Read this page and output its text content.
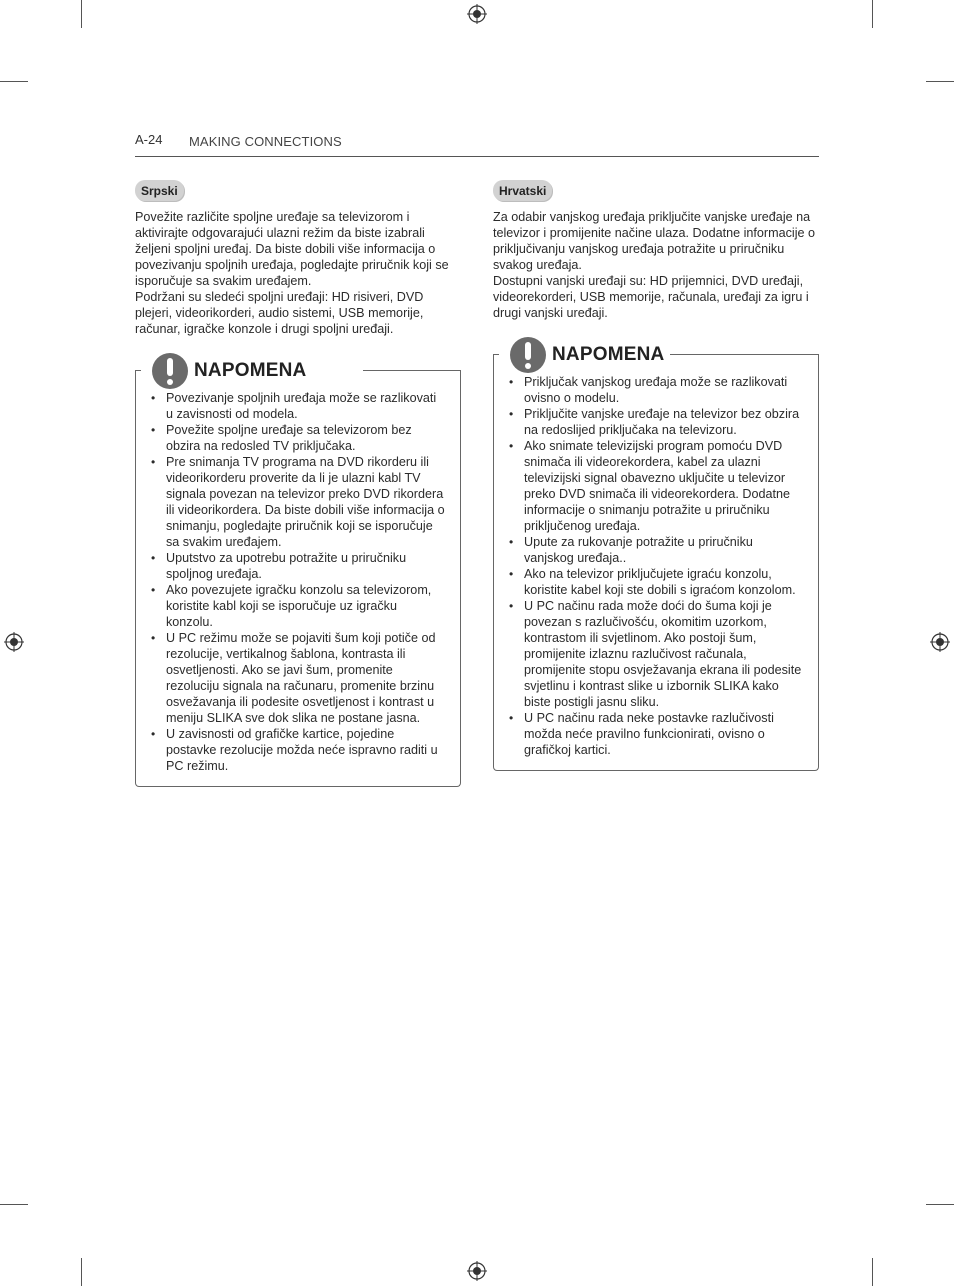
A-24 MAKING CONNECTIONS
Srpski

Povežite različite spoljne uređaje sa televizorom i aktivirajte odgovarajući ulazni režim da biste izabrali željeni spoljni uređaj. Da biste dobili više informacija o povezivanju spoljnih uređaja, pogledajte priručnik koji se isporučuje sa svakim uređajem.

Podržani su sledeći spoljni uređaji: HD risiveri, DVD plejeri, videorikorderi, audio sistemi, USB memorije, računar, igračke konzole i drugi spoljni uređaji.

NAPOMENA
• Povezivanje spoljnih uređaja može se razlikovati u zavisnosti od modela.
• Povežite spoljne uređaje sa televizorom bez obzira na redosled TV priključaka.
• Pre snimanja TV programa na DVD rikorderu ili videorikorderu proverite da li je ulazni kabl TV signala povezan na televizor preko DVD rikordera ili videorikordera. Da biste dobili više informacija o snimanju, pogledajte priručnik koji se isporučuje sa svakim uređajem.
• Uputstvo za upotrebu potražite u priručniku spoljnog uređaja.
• Ako povezujete igračku konzolu sa televizorom, koristite kabl koji se isporučuje uz igračku konzolu.
• U PC režimu može se pojaviti šum koji potiče od rezolucije, vertikalnog šablona, kontrasta ili osvetljenosti. Ako se javi šum, promenite rezoluciju signala na računaru, promenite brzinu osvežavanja ili podesite osvetljenost i kontrast u meniju SLIKA sve dok slika ne postane jasna.
• U zavisnosti od grafičke kartice, pojedine postavke rezolucije možda neće ispravno raditi u PC režimu.
Hrvatski

Za odabir vanjskog uređaja priključite vanjske uređaje na televizor i promijenite načine ulaza. Dodatne informacije o priključivanju vanjskog uređaja potražite u priručniku svakog uređaja.

Dostupni vanjski uređaji su: HD prijemnici, DVD uređaji, videorekorderi, USB memorije, računala, uređaji za igru i drugi vanjski uređaji.

NAPOMENA
• Priključak vanjskog uređaja može se razlikovati ovisno o modelu.
• Priključite vanjske uređaje na televizor bez obzira na redoslijed priključaka na televizoru.
• Ako snimate televizijski program pomoću DVD snimača ili videorekordera, kabel za ulazni televizijski signal obavezno uključite u televizor preko DVD snimača ili videorekordera. Dodatne informacije o snimanju potražite u priručniku priključenog uređaja.
• Upute za rukovanje potražite u priručniku vanjskog uređaja..
• Ako na televizor priključujete igraću konzolu, koristite kabel koji ste dobili s igraćom konzolom.
• U PC načinu rada može doći do šuma koji je povezan s razlučivošću, okomitim uzorkom, kontrastom ili svjetlinom. Ako postoji šum, promijenite izlaznu razlučivost računala, promijenite stopu osvježavanja ekrana ili podesite svjetlinu i kontrast slike u izbornik SLIKA kako biste postigli jasnu sliku.
• U PC načinu rada neke postavke razlučivosti možda neće pravilno funkcionirati, ovisno o grafičkoj kartici.
